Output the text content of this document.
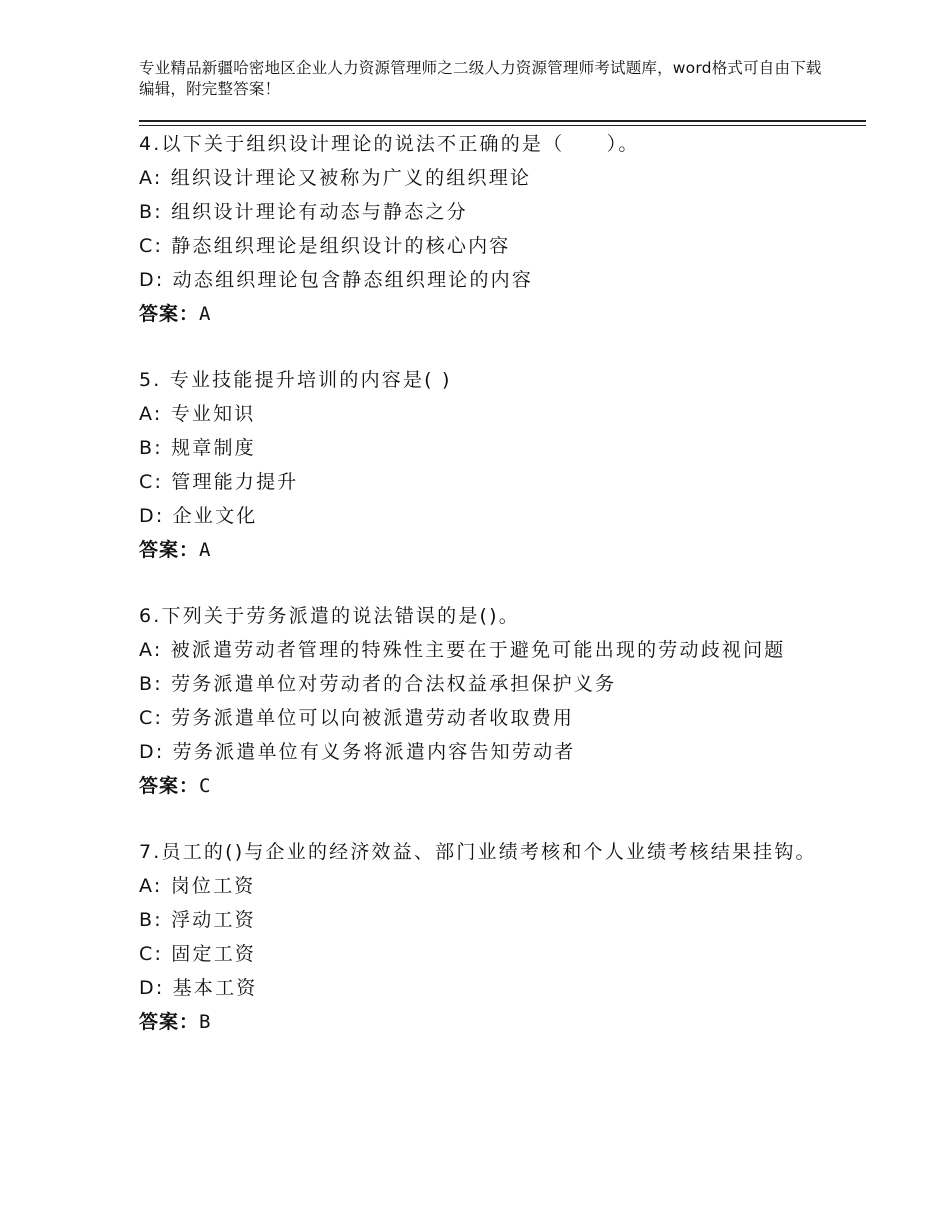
专业精品新疆哈密地区企业人力资源管理师之二级人力资源管理师考试题库，word格式可自由下载编辑，附完整答案！
4.以下关于组织设计理论的说法不正确的是（　　）。
A: 组织设计理论又被称为广义的组织理论
B: 组织设计理论有动态与静态之分
C: 静态组织理论是组织设计的核心内容
D: 动态组织理论包含静态组织理论的内容
答案：A
5. 专业技能提升培训的内容是( )
A: 专业知识
B: 规章制度
C: 管理能力提升
D: 企业文化
答案：A
6.下列关于劳务派遣的说法错误的是()。
A: 被派遣劳动者管理的特殊性主要在于避免可能出现的劳动歧视问题
B: 劳务派遣单位对劳动者的合法权益承担保护义务
C: 劳务派遣单位可以向被派遣劳动者收取费用
D: 劳务派遣单位有义务将派遣内容告知劳动者
答案：C
7.员工的()与企业的经济效益、部门业绩考核和个人业绩考核结果挂钩。
A: 岗位工资
B: 浮动工资
C: 固定工资
D: 基本工资
答案：B
